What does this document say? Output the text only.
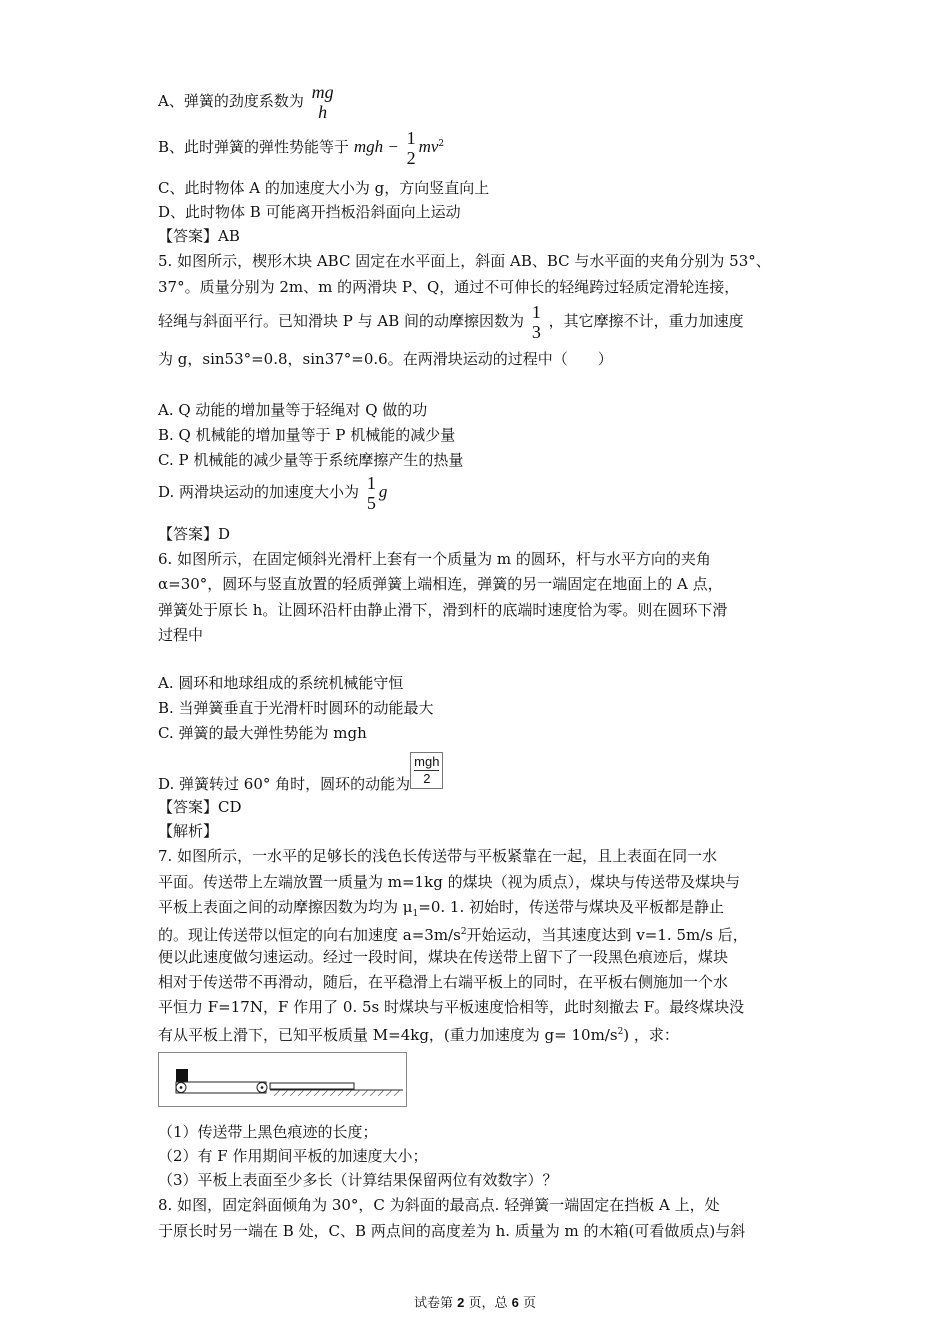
A、弹簧的劲度系数为 mg
h
B、此时弹簧的弹性势能等于 mgh − 1
2
$mv^2$
C、此时物体 A 的加速度大小为 g，方向竖直向上
D、此时物体 B 可能离开挡板沿斜面向上运动
【答案】AB
5. 如图所示，楔形木块 ABC 固定在水平面上，斜面 AB、BC 与水平面的夹角分别为 53°、
37°。质量分别为 2m、m 的两滑块 P、Q，通过不可伸长的轻绳跨过轻质定滑轮连接，
轻绳与斜面平行。已知滑块 P 与 AB 间的动摩擦因数为 1
3
，其它摩擦不计，重力加速度
为 g，sin53°=0.8，sin37°=0.6。在两滑块运动的过程中（　　）
A. Q 动能的增加量等于轻绳对 Q 做的功
B. Q 机械能的增加量等于 P 机械能的减少量
C. P 机械能的减少量等于系统摩擦产生的热量
D. 两滑块运动的加速度大小为 1
5
g
【答案】D
6. 如图所示，在固定倾斜光滑杆上套有一个质量为 m 的圆环，杆与水平方向的夹角
α=30°，圆环与竖直放置的轻质弹簧上端相连，弹簧的另一端固定在地面上的 A 点，
弹簧处于原长 h。让圆环沿杆由静止滑下，滑到杆的底端时速度恰为零。则在圆环下滑
过程中
A. 圆环和地球组成的系统机械能守恒
B. 当弹簧垂直于光滑杆时圆环的动能最大
C. 弹簧的最大弹性势能为 mgh
D. 弹簧转过 60° 角时，圆环的动能为
mgh
2
【答案】CD
【解析】
7. 如图所示，一水平的足够长的浅色长传送带与平板紧靠在一起，且上表面在同一水
平面。传送带上左端放置一质量为 m=1kg 的煤块（视为质点），煤块与传送带及煤块与
平板上表面之间的动摩擦因数为均为 $\mu_1=0$. 1. 初始时，传送带与煤块及平板都是静止
的。现让传送带以恒定的向右加速度 $a=3m/s^2$开始运动，当其速度达到 v=1. 5m/s 后，
便以此速度做匀速运动。经过一段时间，煤块在传送带上留下了一段黑色痕迹后，煤块
相对于传送带不再滑动，随后，在平稳滑上右端平板上的同时，在平板右侧施加一个水
平恒力 F=17N，F 作用了 0. 5s 时煤块与平板速度恰相等，此时刻撤去 F。最终煤块没
有从平板上滑下，已知平板质量 M=4kg，(重力加速度为 $g= 10m/s^2$) ，求：
（1）传送带上黑色痕迹的长度；
（2）有 F 作用期间平板的加速度大小；
（3）平板上表面至少多长（计算结果保留两位有效数字）？
8. 如图，固定斜面倾角为 30°，C 为斜面的最高点. 轻弹簧一端固定在挡板 A 上，处
于原长时另一端在 B 处，C、B 两点间的高度差为 h. 质量为 m 的木箱(可看做质点)与斜
试卷第 2 页，总 6 页
